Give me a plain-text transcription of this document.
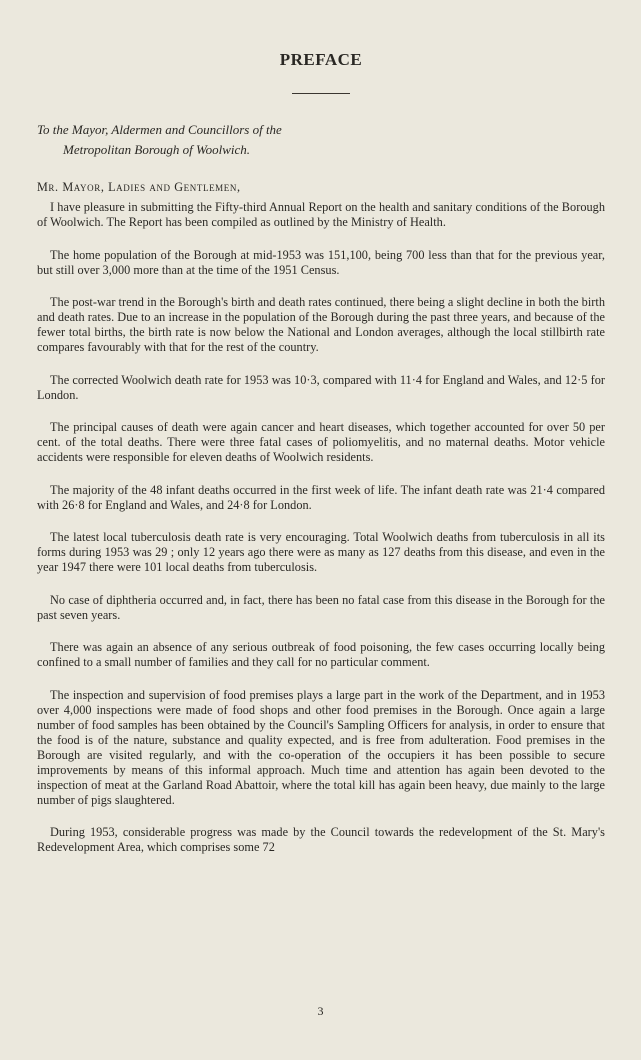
PREFACE
To the Mayor, Aldermen and Councillors of the
Metropolitan Borough of Woolwich.
Mr. Mayor, Ladies and Gentlemen,

I have pleasure in submitting the Fifty-third Annual Report on the health and sanitary conditions of the Borough of Woolwich. The Report has been compiled as outlined by the Ministry of Health.

The home population of the Borough at mid-1953 was 151,100, being 700 less than that for the previous year, but still over 3,000 more than at the time of the 1951 Census.

The post-war trend in the Borough's birth and death rates continued, there being a slight decline in both the birth and death rates. Due to an increase in the population of the Borough during the past three years, and because of the fewer total births, the birth rate is now below the National and London averages, although the local stillbirth rate compares favourably with that for the rest of the country.

The corrected Woolwich death rate for 1953 was 10·3, compared with 11·4 for England and Wales, and 12·5 for London.

The principal causes of death were again cancer and heart diseases, which together accounted for over 50 per cent. of the total deaths. There were three fatal cases of poliomyelitis, and no maternal deaths. Motor vehicle accidents were responsible for eleven deaths of Woolwich residents.

The majority of the 48 infant deaths occurred in the first week of life. The infant death rate was 21·4 compared with 26·8 for England and Wales, and 24·8 for London.

The latest local tuberculosis death rate is very encouraging. Total Woolwich deaths from tuberculosis in all its forms during 1953 was 29 ; only 12 years ago there were as many as 127 deaths from this disease, and even in the year 1947 there were 101 local deaths from tuberculosis.

No case of diphtheria occurred and, in fact, there has been no fatal case from this disease in the Borough for the past seven years.

There was again an absence of any serious outbreak of food poisoning, the few cases occurring locally being confined to a small number of families and they call for no particular comment.

The inspection and supervision of food premises plays a large part in the work of the Department, and in 1953 over 4,000 inspections were made of food shops and other food premises in the Borough. Once again a large number of food samples has been obtained by the Council's Sampling Officers for analysis, in order to ensure that the food is of the nature, substance and quality expected, and is free from adulteration. Food premises in the Borough are visited regularly, and with the co-operation of the occupiers it has been possible to secure improvements by means of this informal approach. Much time and attention has again been devoted to the inspection of meat at the Garland Road Abattoir, where the total kill has again been heavy, due mainly to the large number of pigs slaughtered.

During 1953, considerable progress was made by the Council towards the redevelopment of the St. Mary's Redevelopment Area, which comprises some 72

3
